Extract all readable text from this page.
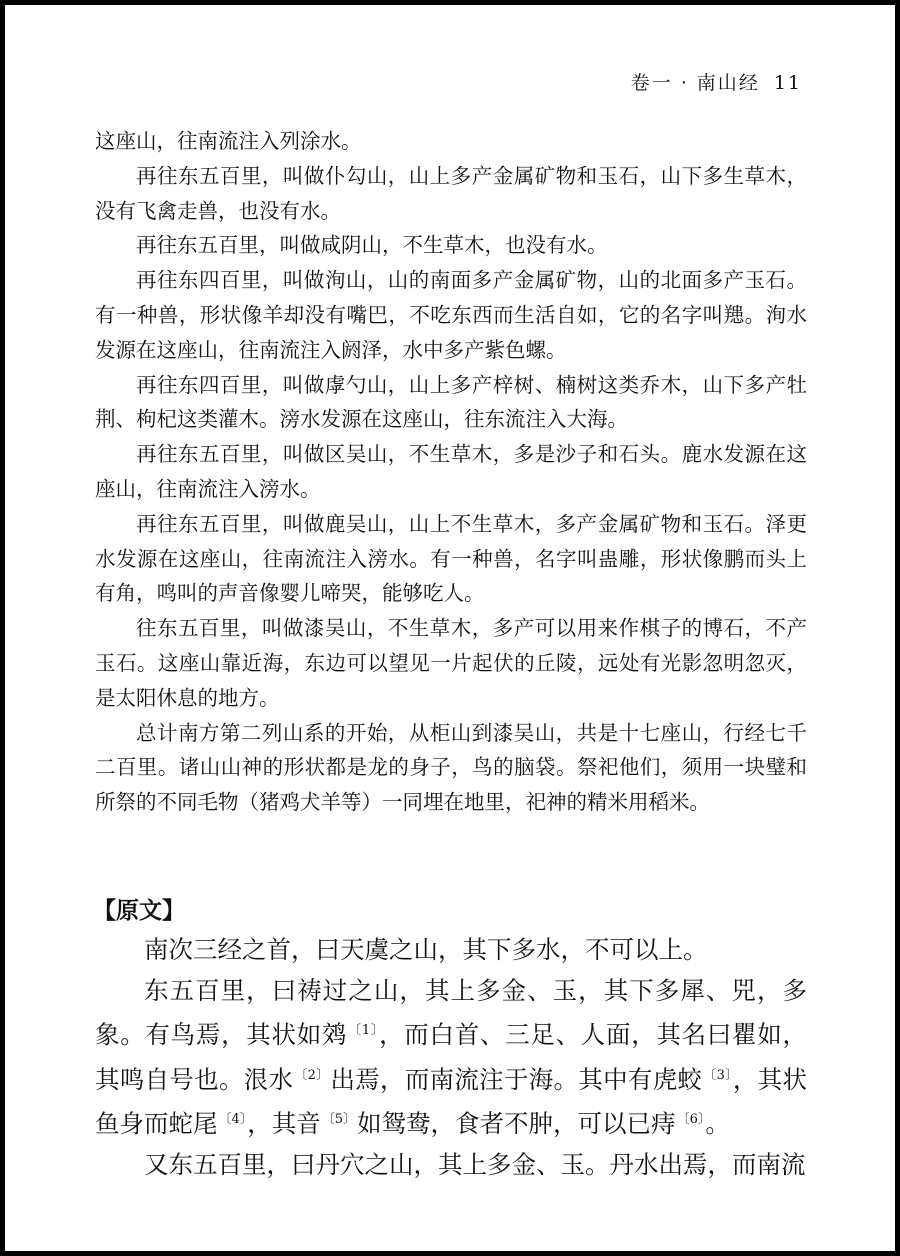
卷一 · 南山经 11

这座山，往南流注入列涂水。

再往东五百里，叫做仆勾山，山上多产金属矿物和玉石，山下多生草木，没有飞禽走兽，也没有水。

再往东五百里，叫做咸阴山，不生草木，也没有水。

再往东四百里，叫做洵山，山的南面多产金属矿物，山的北面多产玉石。有一种兽，形状像羊却没有嘴巴，不吃东西而生活自如，它的名字叫䍺。洵水发源在这座山，往南流注入阏泽，水中多产紫色螺。

再往东四百里，叫做虖勺山，山上多产梓树、楠树这类乔木，山下多产牡荆、枸杞这类灌木。滂水发源在这座山，往东流注入大海。

再往东五百里，叫做区吴山，不生草木，多是沙子和石头。鹿水发源在这座山，往南流注入滂水。

再往东五百里，叫做鹿吴山，山上不生草木，多产金属矿物和玉石。泽更水发源在这座山，往南流注入滂水。有一种兽，名字叫蛊雕，形状像鹏而头上有角，鸣叫的声音像婴儿啼哭，能够吃人。

往东五百里，叫做漆吴山，不生草木，多产可以用来作棋子的博石，不产玉石。这座山靠近海，东边可以望见一片起伏的丘陵，远处有光影忽明忽灭，是太阳休息的地方。

总计南方第二列山系的开始，从柜山到漆吴山，共是十七座山，行经七千二百里。诸山山神的形状都是龙的身子，鸟的脑袋。祭祀他们，须用一块璧和所祭的不同毛物（猪鸡犬羊等）一同埋在地里，祀神的精米用稻米。

【原文】

南次三经之首，曰天虞之山，其下多水，不可以上。

东五百里，曰祷过之山，其上多金、玉，其下多犀、兕，多象。有鸟焉，其状如䴔$^{〔1〕}$，而白首、三足、人面，其名曰瞿如，其鸣自号也。泿水$^{〔2〕}$出焉，而南流注于海。其中有虎蛟$^{〔3〕}$，其状鱼身而蛇尾$^{〔4〕}$，其音$^{〔5〕}$如鸳鸯，食者不肿，可以已痔$^{〔6〕}$。

又东五百里，曰丹穴之山，其上多金、玉。丹水出焉，而南流
